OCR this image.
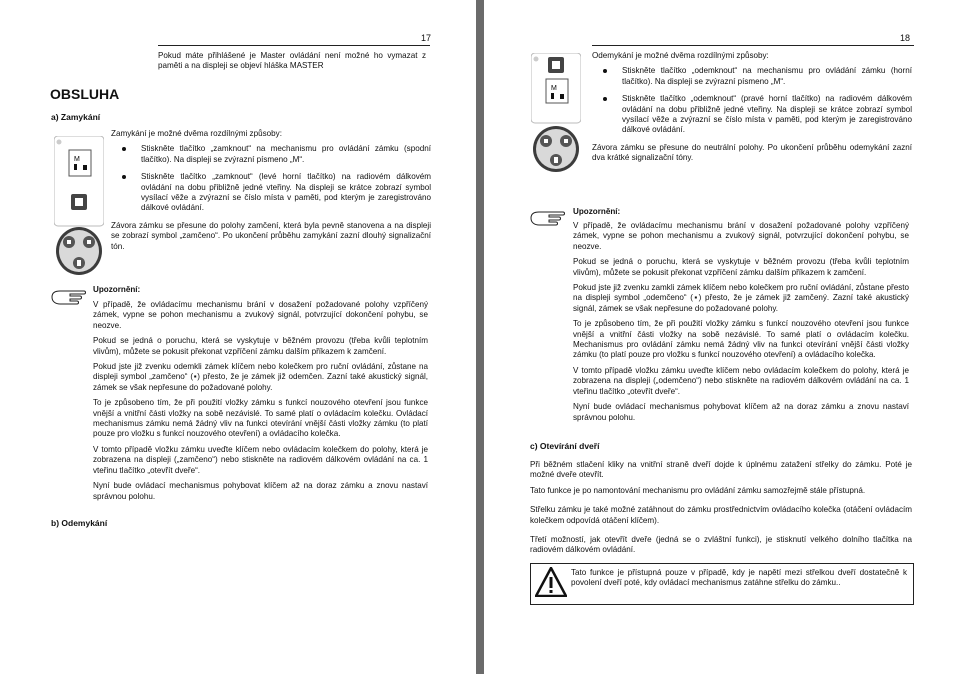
17
Pokud máte přihlášené je Master ovládání není možné ho vymazat z paměti a na displeji se objeví hláška MASTER
OBSLUHA
a) Zamykání
M

Zamykání je možné dvěma rozdílnými způsoby:

Stiskněte tlačítko „zamknout“ na mechanismu pro ovládání zámku (spodní tlačítko). Na displeji se zvýrazní písmeno „M“.
Stiskněte tlačítko „zamknout“ (levé horní tlačítko) na radiovém dálkovém ovládání na dobu přibližně jedné vteřiny. Na displeji se krátce zobrazí symbol vysílací věže a zvýrazní se číslo místa v paměti, pod kterým je zaregistrováno dálkové ovládání.

Závora zámku se přesune do polohy zamčení, která byla pevně stanovena a na displeji se zobrazí symbol „zamčeno“. Po ukončení průběhu zamykání zazní dlouhý signalizační tón.

Upozornění:

V případě, že ovládacímu mechanismu brání v dosažení požadované polohy vzpříčený zámek, vypne se pohon mechanismu a zvukový signál, potvrzující dokončení pohybu, se neozve.

Pokud se jedná o poruchu, která se vyskytuje v běžném provozu (třeba kvůli teplotním vlivům), můžete se pokusit překonat vzpříčení zámku dalším příkazem k zamčení.

Pokud jste již zvenku odemkli zámek klíčem nebo kolečkem pro ruční ovládání, zůstane na displeji symbol „zamčeno“ (▪) přesto, že je zámek již odemčen. Zazní také akustický signál, zámek se však nepřesune do požadované polohy.

To je způsobeno tím, že při použití vložky zámku s funkcí nouzového otevření jsou funkce vnější a vnitřní části vložky na sobě nezávislé. To samé platí o ovládacím kolečku. Ovládací mechanismus zámku nemá žádný vliv na funkci otevírání vnější části vložky zámku (to platí pouze pro vložku s funkcí nouzového otevření) a ovládacího kolečka.

V tomto případě vložku zámku uveďte klíčem nebo ovládacím kolečkem do polohy, která je zobrazena na displeji („zamčeno“) nebo stiskněte na radiovém dálkovém ovládání na ca. 1 vteřinu tlačítko „otevřít dveře“.

Nyní bude ovládací mechanismus pohybovat klíčem až na doraz zámku a znovu nastaví správnou polohu.

b) Odemykání
18
M

Odemykání je možné dvěma rozdílnými způsoby:

Stiskněte tlačítko „odemknout“ na mechanismu pro ovládání zámku (horní tlačítko). Na displeji se zvýrazní písmeno „M“.
Stiskněte tlačítko „odemknout“ (pravé horní tlačítko) na radiovém dálkovém ovládání na dobu přibližně jedné vteřiny. Na displeji se krátce zobrazí symbol vysílací věže a zvýrazní se číslo místa v paměti, pod kterým je zaregistrováno dálkové ovládání.

Závora zámku se přesune do neutrální polohy. Po ukončení průběhu odemykání zazní dva krátké signalizační tóny.

Upozornění:

V případě, že ovládacímu mechanismu brání v dosažení požadované polohy vzpříčený zámek, vypne se pohon mechanismu a zvukový signál, potvrzující dokončení pohybu, se neozve.

Pokud se jedná o poruchu, která se vyskytuje v běžném provozu (třeba kvůli teplotním vlivům), můžete se pokusit překonat vzpříčení zámku dalším příkazem k zamčení.

Pokud jste již zvenku zamkli zámek klíčem nebo kolečkem pro ruční ovládání, zůstane přesto na displeji symbol „odemčeno“ (▪) přesto, že je zámek již zamčený. Zazní také akustický signál, zámek se však nepřesune do požadované polohy.

To je způsobeno tím, že při použití vložky zámku s funkcí nouzového otevření jsou funkce vnější a vnitřní části vložky na sobě nezávislé. To samé platí o ovládacím kolečku. Mechanismus pro ovládání zámku nemá žádný vliv na funkci otevírání vnější části vložky zámku (to platí pouze pro vložku s funkcí nouzového otevření) a ovládacího kolečka.

V tomto případě vložku zámku uveďte klíčem nebo ovládacím kolečkem do polohy, která je zobrazena na displeji („odemčeno“) nebo stiskněte na radiovém dálkovém ovládání na ca. 1 vteřinu tlačítko „otevřít dveře“.

Nyní bude ovládací mechanismus pohybovat klíčem až na doraz zámku a znovu nastaví správnou polohu.

c) Otevírání dveří

Při běžném stlačení kliky na vnitřní straně dveří dojde k úplnému zatažení střelky do zámku. Poté je možné dveře otevřít.

Tato funkce je po namontování mechanismu pro ovládání zámku samozřejmě stále přístupná.

Střelku zámku je také možné zatáhnout do zámku prostřednictvím ovládacího kolečka (otáčení ovládacím kolečkem odpovídá otáčení klíčem).

Třetí možností, jak otevřít dveře (jedná se o zvláštní funkci), je stisknutí velkého dolního tlačítka na radiovém dálkovém ovládání.

Tato funkce je přístupná pouze v případě, kdy je napětí mezi střelkou dveří dostatečně k povolení dveří poté, kdy ovládací mechanismus zatáhne střelku do zámku..
